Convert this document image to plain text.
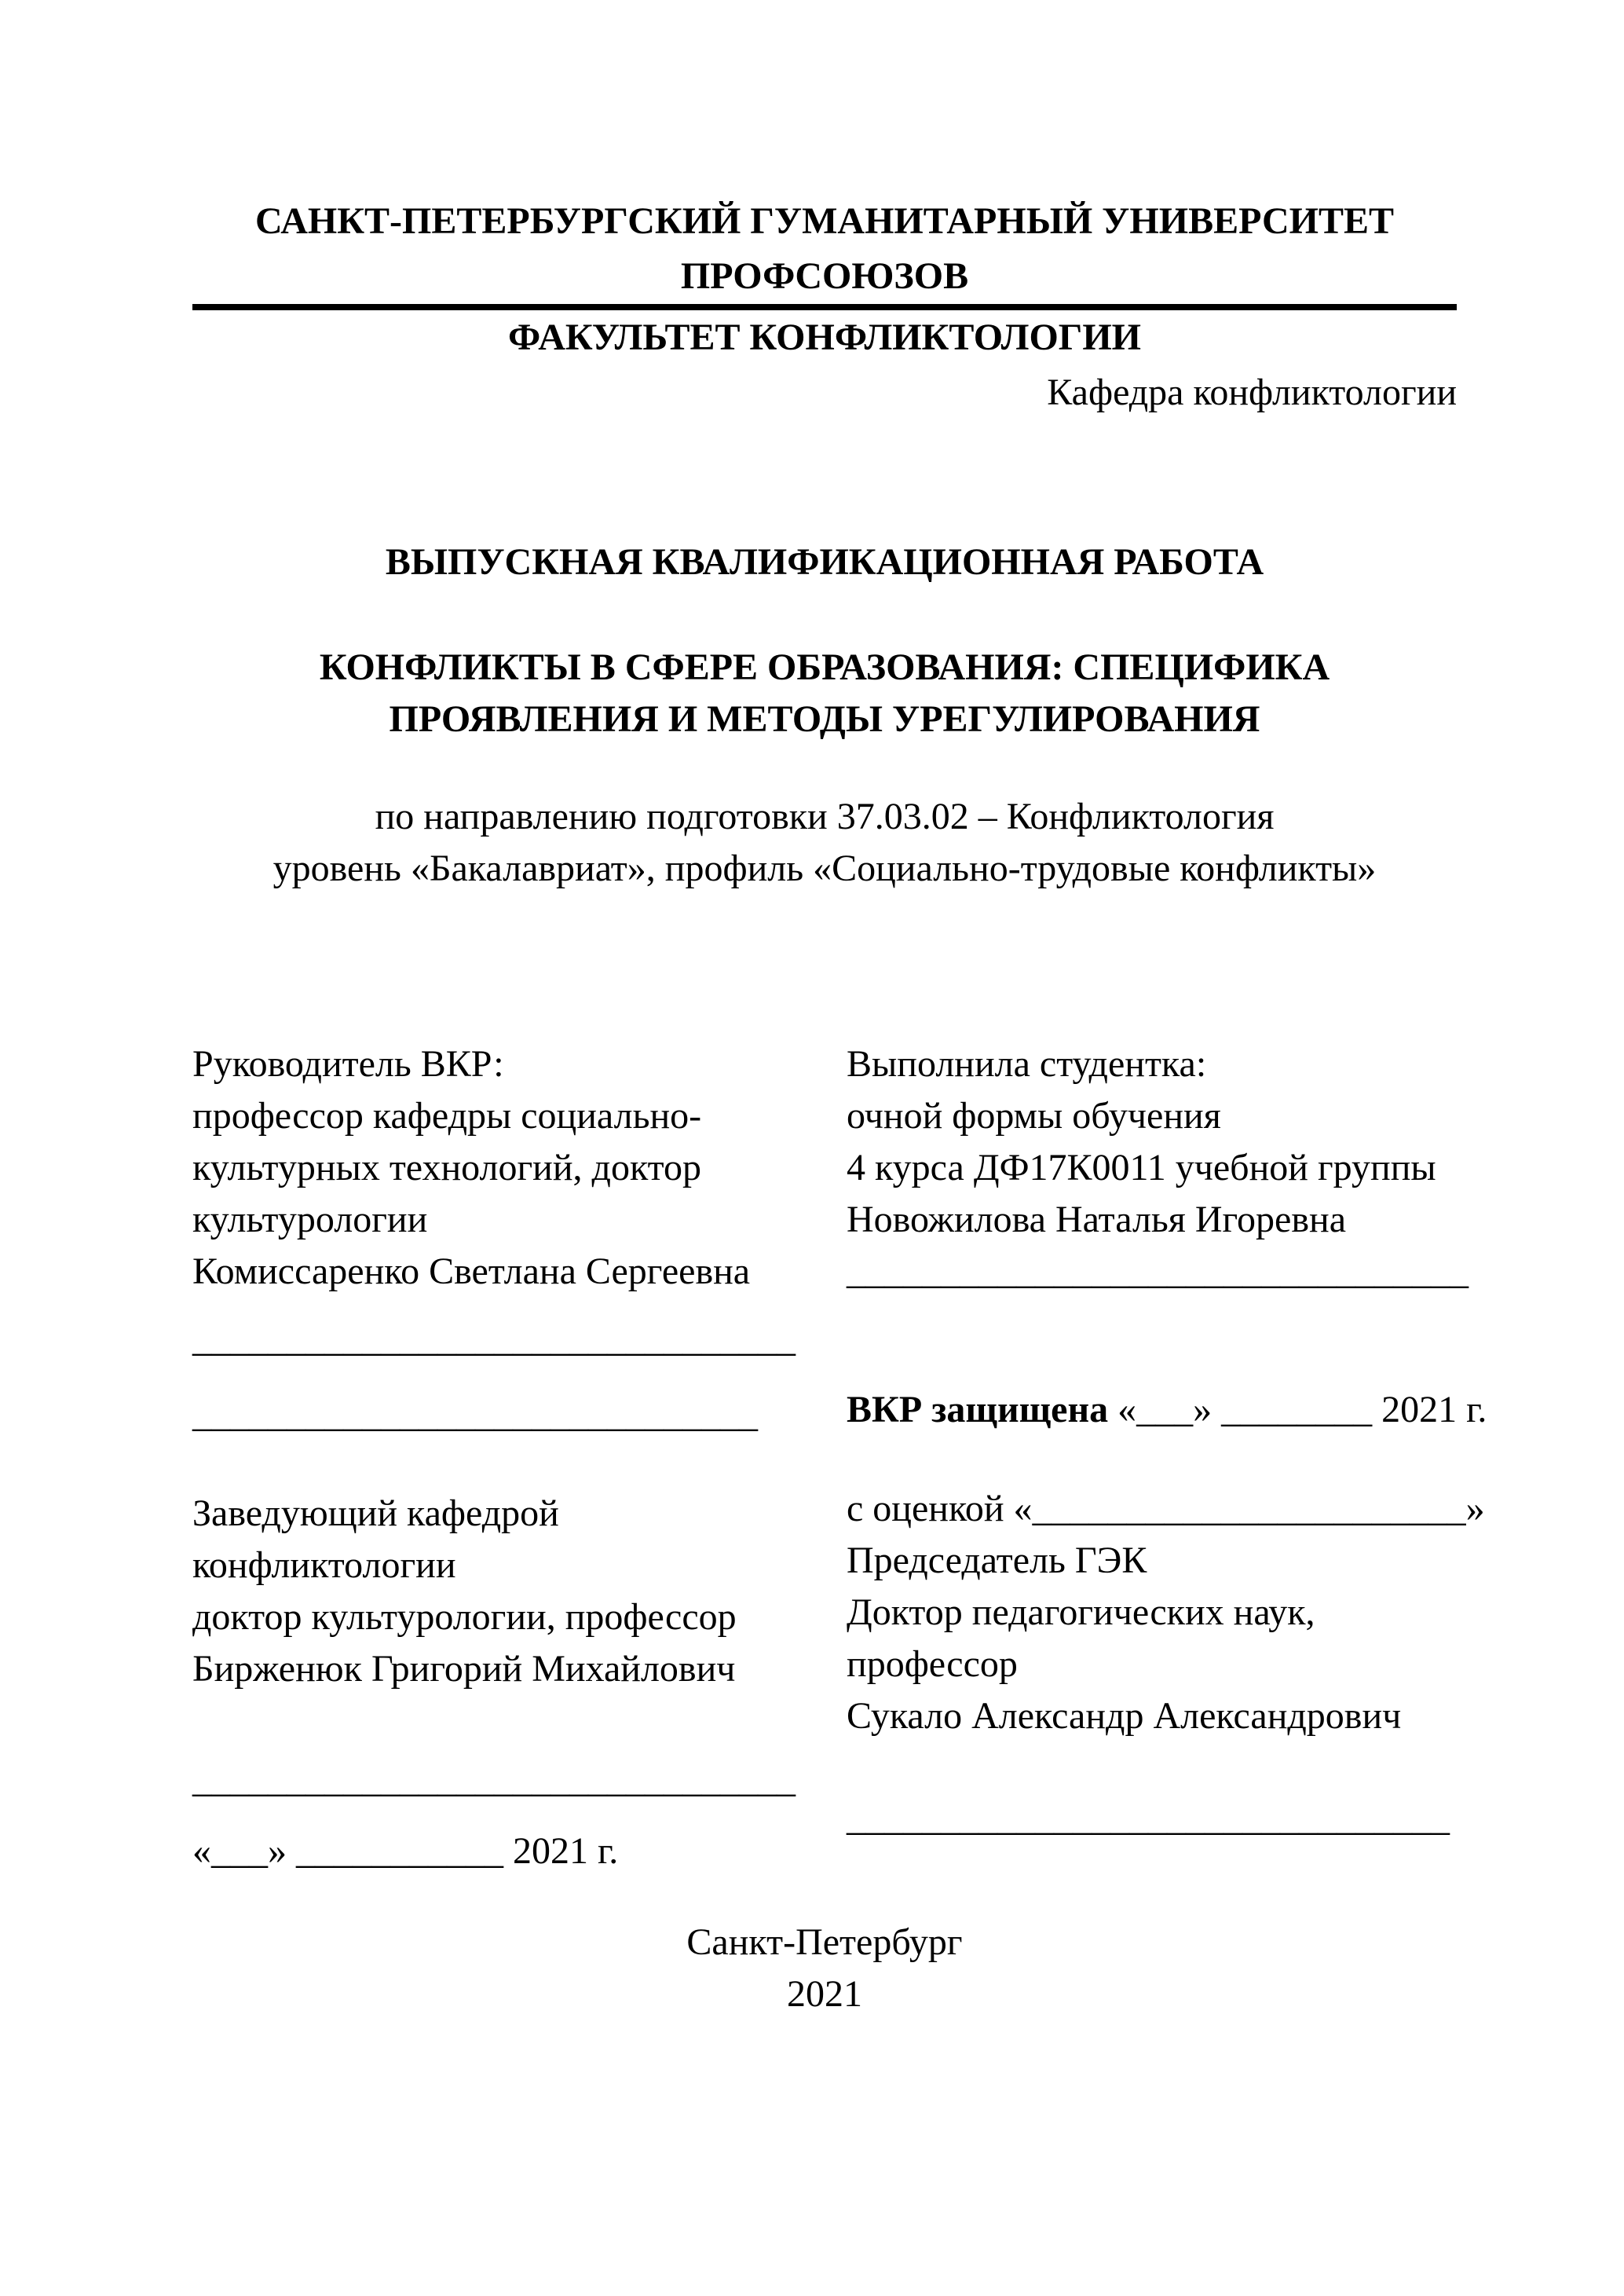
САНКТ-ПЕТЕРБУРГСКИЙ ГУМАНИТАРНЫЙ УНИВЕРСИТЕТ
ПРОФСОЮЗОВ
ФАКУЛЬТЕТ КОНФЛИКТОЛОГИИ
Кафедра конфликтологии
ВЫПУСКНАЯ КВАЛИФИКАЦИОННАЯ РАБОТА
КОНФЛИКТЫ В СФЕРЕ ОБРАЗОВАНИЯ: СПЕЦИФИКА
ПРОЯВЛЕНИЯ И МЕТОДЫ УРЕГУЛИРОВАНИЯ
по направлению подготовки 37.03.02 – Конфликтология
уровень «Бакалавриат», профиль «Социально-трудовые конфликты»
Руководитель ВКР:
профессор кафедры социально-
культурных технологий, доктор
культурологии
Комиссаренко Светлана Сергеевна
________________________________
______________________________
Заведующий кафедрой
конфликтологии
доктор культурологии, профессор
Бирженюк Григорий Михайлович
________________________________
«___» ___________ 2021 г.
Выполнила студентка:
очной формы обучения
4 курса ДФ17К0011 учебной группы
Новожилова Наталья Игоревна
_________________________________
ВКР защищена «___» ________ 2021 г.
с оценкой «_______________________»
Председатель ГЭК
Доктор педагогических наук,
профессор
Сукало Александр Александрович
________________________________
Санкт-Петербург
2021
